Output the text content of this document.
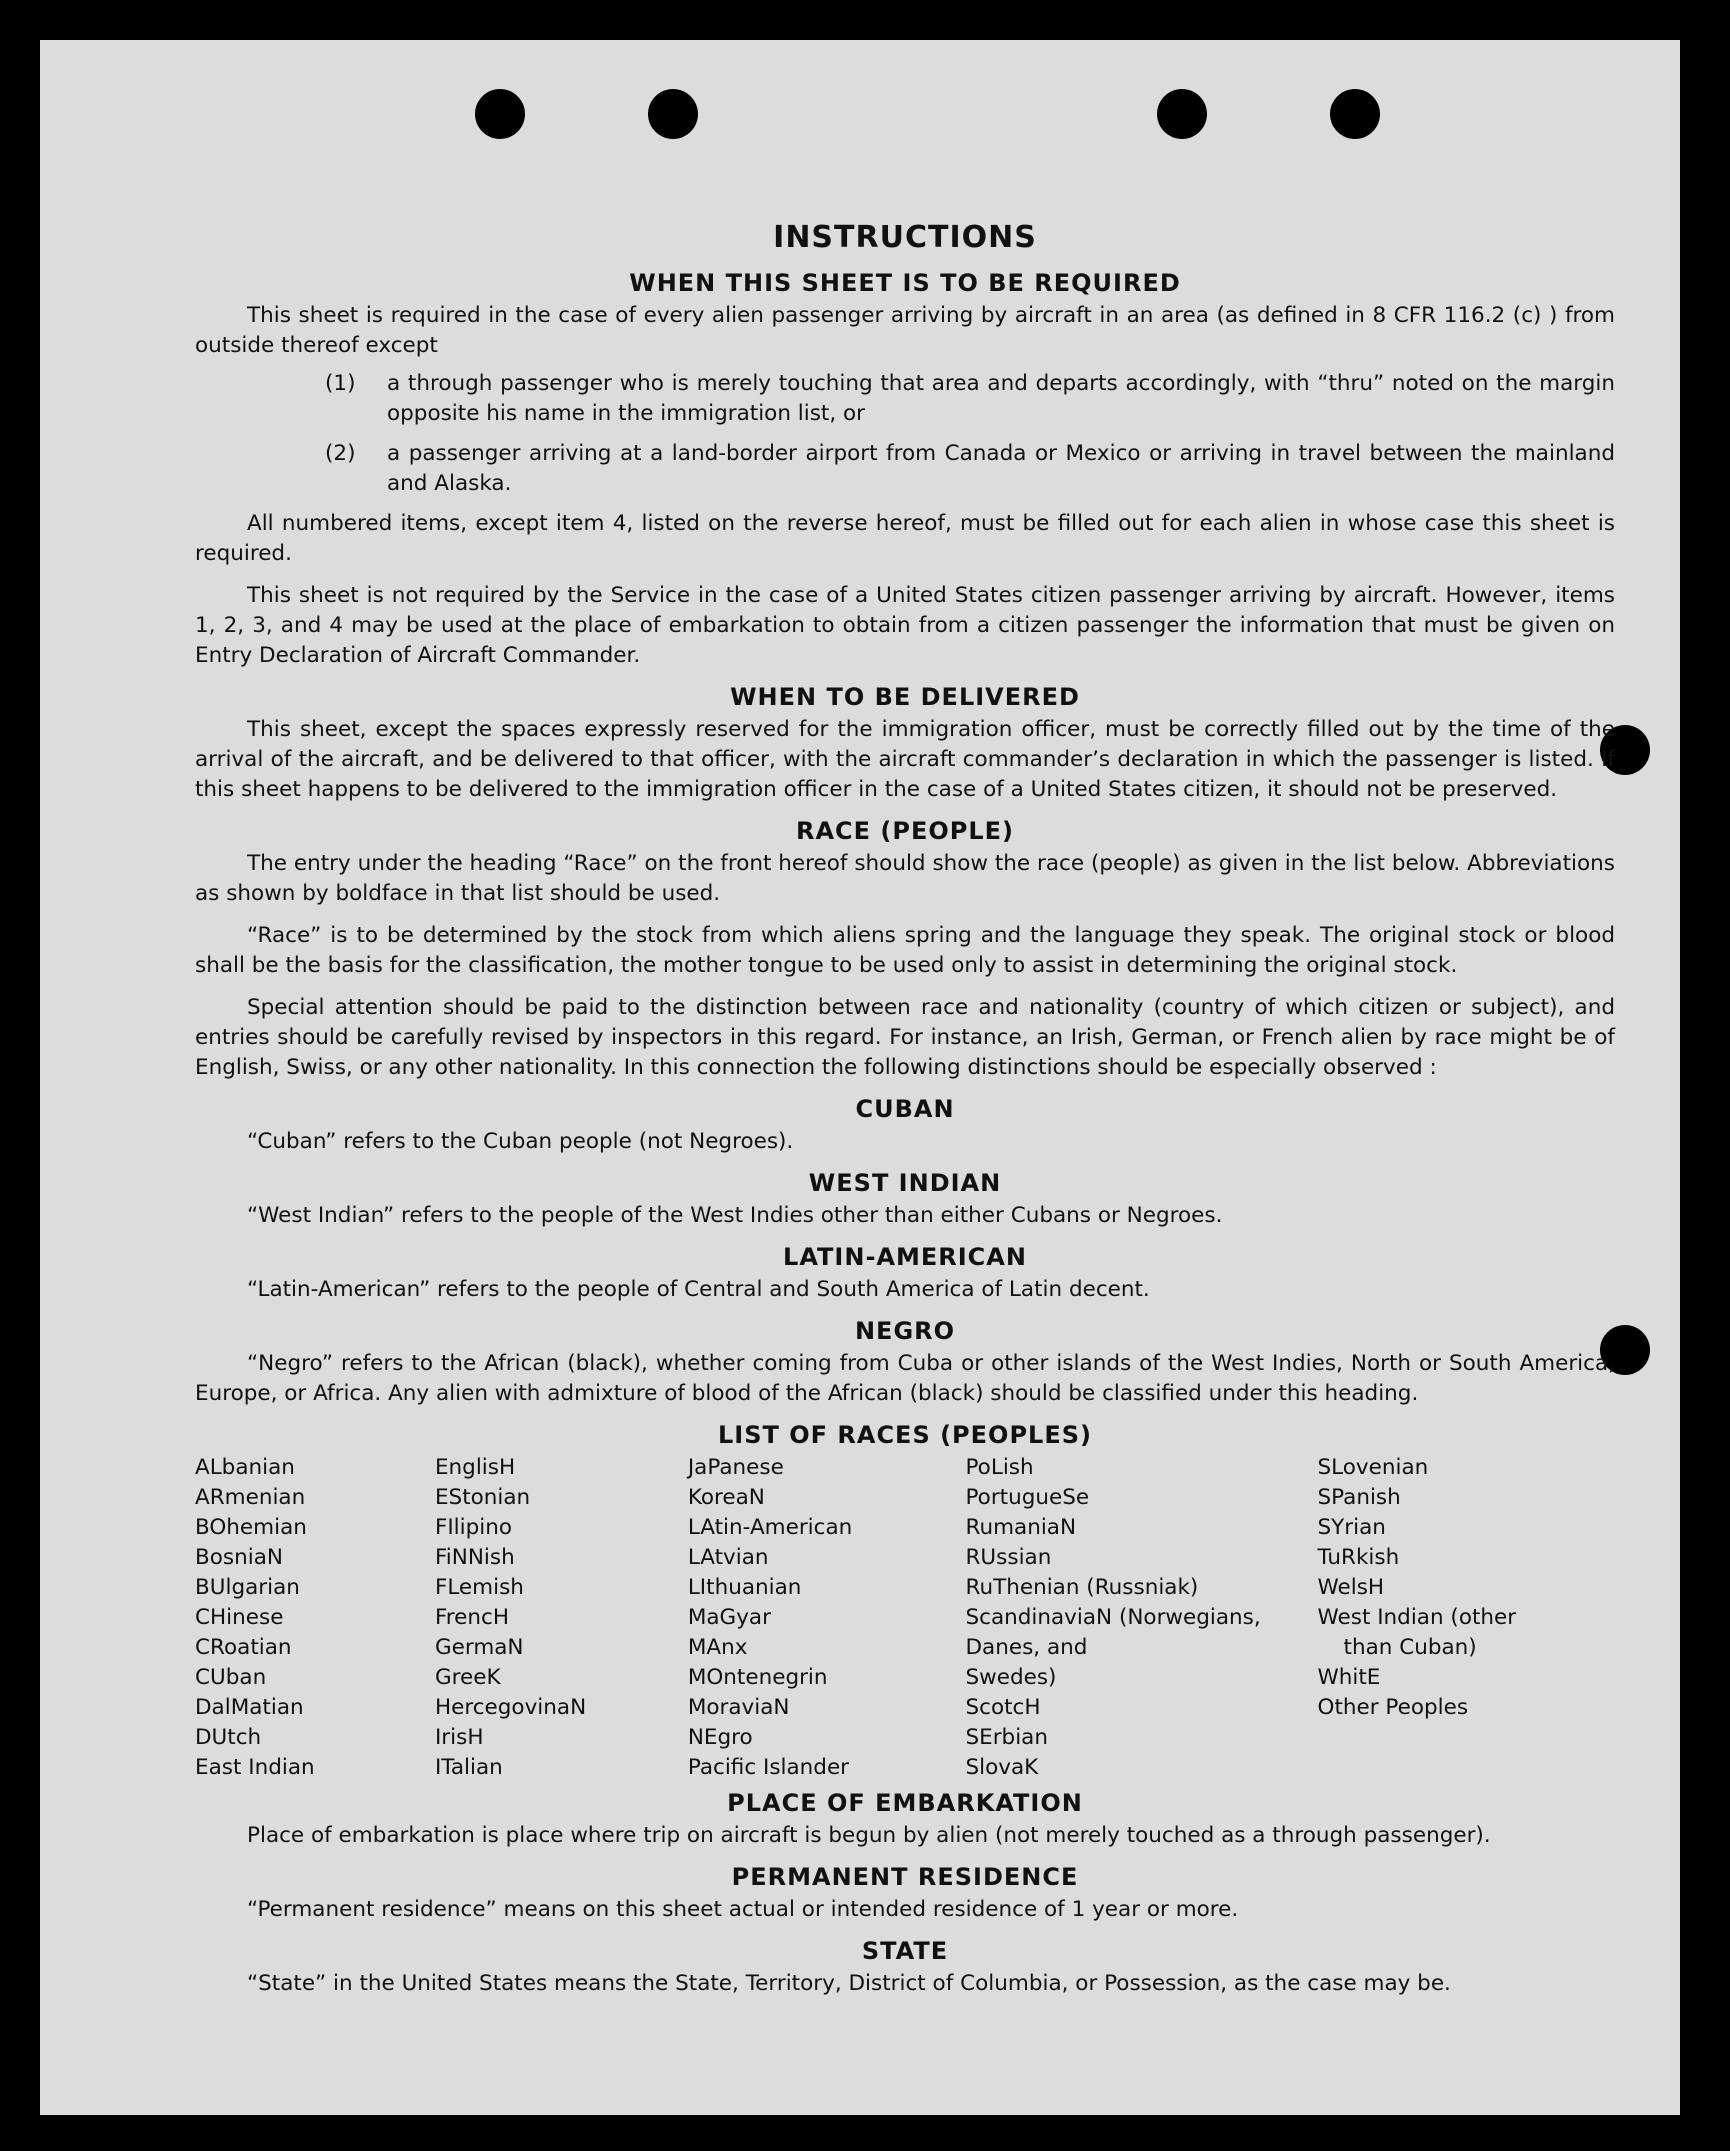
INSTRUCTIONS
WHEN THIS SHEET IS TO BE REQUIRED

This sheet is required in the case of every alien passenger arriving by aircraft in an area (as defined in 8 CFR 116.2 (c) ) from outside thereof except

(1)	a through passenger who is merely touching that area and departs accordingly, with “thru” noted on the margin opposite his name in the immigration list, or
(2)	a passenger arriving at a land-border airport from Canada or Mexico or arriving in travel between the mainland and Alaska.

All numbered items, except item 4, listed on the reverse hereof, must be filled out for each alien in whose case this sheet is required.

This sheet is not required by the Service in the case of a United States citizen passenger arriving by aircraft. However, items 1, 2, 3, and 4 may be used at the place of embarkation to obtain from a citizen passenger the information that must be given on Entry Declaration of Aircraft Commander.

WHEN TO BE DELIVERED

This sheet, except the spaces expressly reserved for the immigration officer, must be correctly filled out by the time of the arrival of the aircraft, and be delivered to that officer, with the aircraft commander’s declaration in which the passenger is listed. If this sheet happens to be delivered to the immigration officer in the case of a United States citizen, it should not be preserved.

RACE (PEOPLE)

The entry under the heading “Race” on the front hereof should show the race (people) as given in the list below. Abbreviations as shown by boldface in that list should be used.

“Race” is to be determined by the stock from which aliens spring and the language they speak. The original stock or blood shall be the basis for the classification, the mother tongue to be used only to assist in determining the original stock.

Special attention should be paid to the distinction between race and nationality (country of which citizen or subject), and entries should be carefully revised by inspectors in this regard. For instance, an Irish, German, or French alien by race might be of English, Swiss, or any other nationality. In this connection the following distinctions should be especially observed :

CUBAN

“Cuban” refers to the Cuban people (not Negroes).

WEST INDIAN

“West Indian” refers to the people of the West Indies other than either Cubans or Negroes.

LATIN-AMERICAN

“Latin-American” refers to the people of Central and South America of Latin decent.

NEGRO

“Negro” refers to the African (black), whether coming from Cuba or other islands of the West Indies, North or South America, Europe, or Africa. Any alien with admixture of blood of the African (black) should be classified under this heading.

LIST OF RACES (PEOPLES)
ALbanian
ARmenian
BOhemian
BosniaN
BUlgarian
CHinese
CRoatian
CUban
DalMatian
DUtch
East Indian
EnglisH
EStonian
FIlipino
FiNNish
FLemish
FrencH
GermaN
GreeK
HercegovinaN
IrisH
ITalian
JaPanese
KoreaN
LAtin-American
LAtvian
LIthuanian
MaGyar
MAnx
MOntenegrin
MoraviaN
NEgro
Pacific Islander
PoLish
PortugueSe
RumaniaN
RUssian
RuThenian (Russniak)
ScandinaviaN (Norwegians,
Danes, and
Swedes)
ScotcH
SErbian
SlovaK
SLovenian
SPanish
SYrian
TuRkish
WelsH
West Indian (other
than Cuban)
WhitE
Other Peoples
PLACE OF EMBARKATION

Place of embarkation is place where trip on aircraft is begun by alien (not merely touched as a through passenger).

PERMANENT RESIDENCE

“Permanent residence” means on this sheet actual or intended residence of 1 year or more.

STATE

“State” in the United States means the State, Territory, District of Columbia, or Possession, as the case may be.
